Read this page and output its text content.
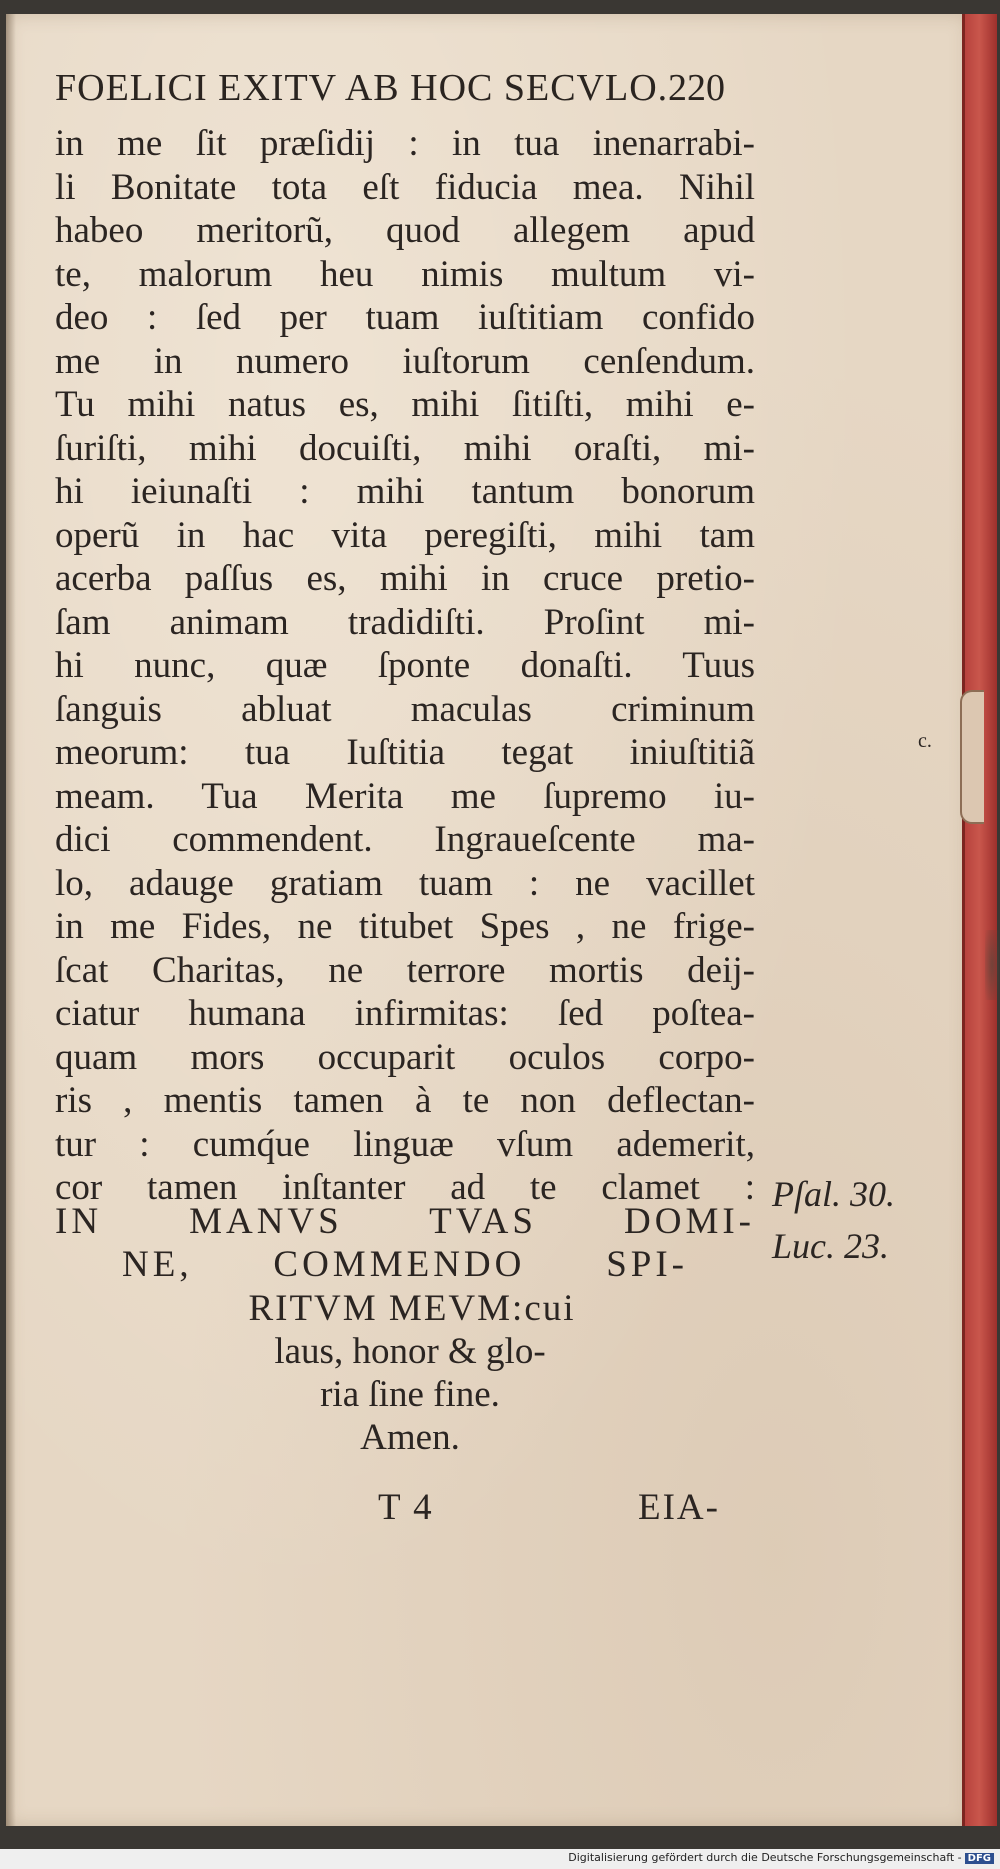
FOELICI EXITV AB HOC SECVLO. 220
in me ſit præſidij : in tua inenarrabi-
li Bonitate tota eſt fiducia mea. Nihil
habeo meritorũ, quod allegem apud
te, malorum heu nimis multum vi-
deo : ſed per tuam iuſtitiam confido
me in numero iuſtorum cenſendum.
Tu mihi natus es, mihi ſitiſti, mihi e-
ſuriſti, mihi docuiſti, mihi oraſti, mi-
hi ieiunaſti : mihi tantum bonorum
operũ in hac vita peregiſti, mihi tam
acerba paſſus es, mihi in cruce pretio-
ſam animam tradidiſti. Proſint mi-
hi nunc, quæ ſponte donaſti. Tuus
ſanguis abluat maculas criminum
meorum: tua Iuſtitia tegat iniuſtitiã
meam. Tua Merita me ſupremo iu-
dici commendent. Ingraueſcente ma-
lo, adauge gratiam tuam : ne vacillet
in me Fides, ne titubet Spes , ne frige-
ſcat Charitas, ne terrore mortis deij-
ciatur humana infirmitas: ſed poſtea-
quam mors occuparit oculos corpo-
ris , mentis tamen à te non deflectan-
tur : cumq́ue linguæ vſum ademerit,
cor tamen inſtanter ad te clamet :
IN MANVS TVAS DOMI-
NE, COMMENDO SPI-
RITVM MEVM:cui
laus, honor & glo-
ria ſine fine.
Amen.
T 4	EIA-
Pſal. 30.
Luc. 23.
c.
Digitalisierung gefördert durch die Deutsche Forschungsgemeinschaft - DFG
